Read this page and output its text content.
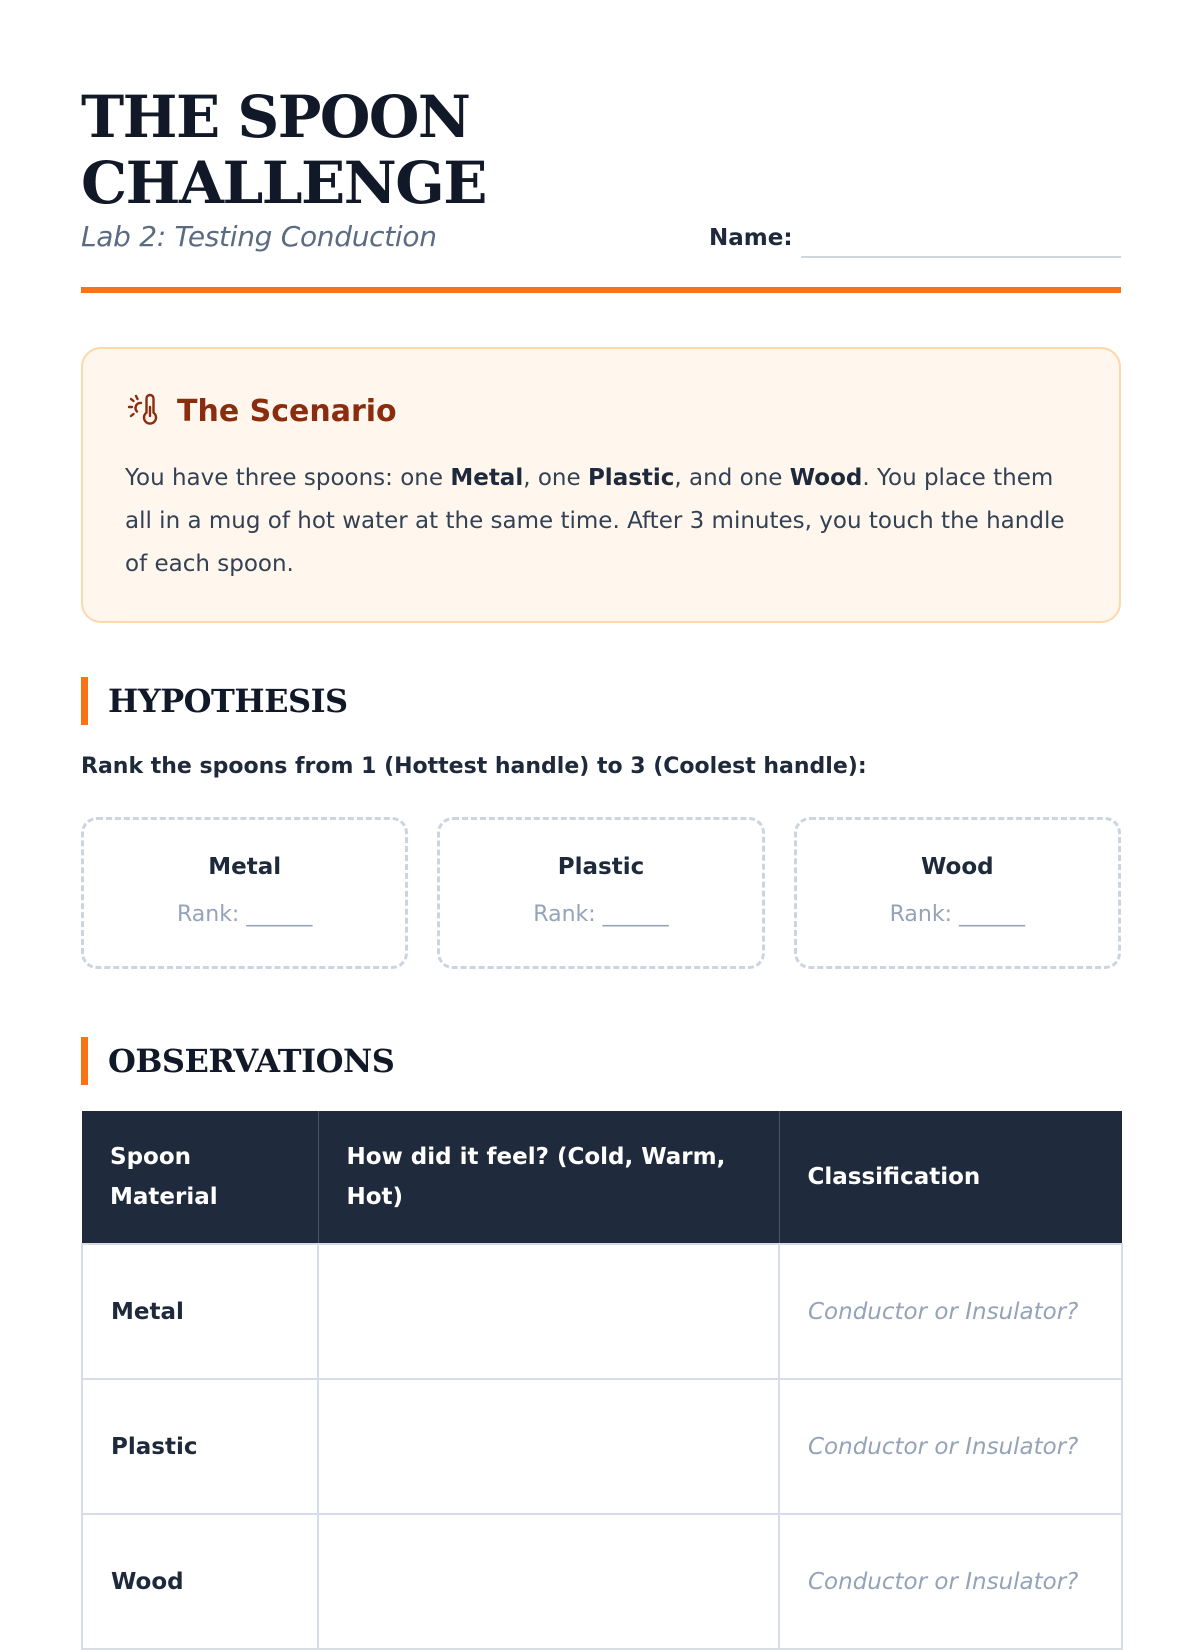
THE SPOON
CHALLENGE
Lab 2: Testing Conduction	Name:
The Scenario
You have three spoons: one Metal, one Plastic, and one Wood. You place them all in a mug of hot water at the same time. After 3 minutes, you touch the handle of each spoon.
HYPOTHESIS
Rank the spoons from 1 (Hottest handle) to 3 (Coolest handle):
Metal
Rank: ______
Plastic
Rank: ______
Wood
Rank: ______
OBSERVATIONS
Spoon Material	How did it feel? (Cold, Warm, Hot)	Classification
Metal		Conductor or Insulator?
Plastic		Conductor or Insulator?
Wood		Conductor or Insulator?
